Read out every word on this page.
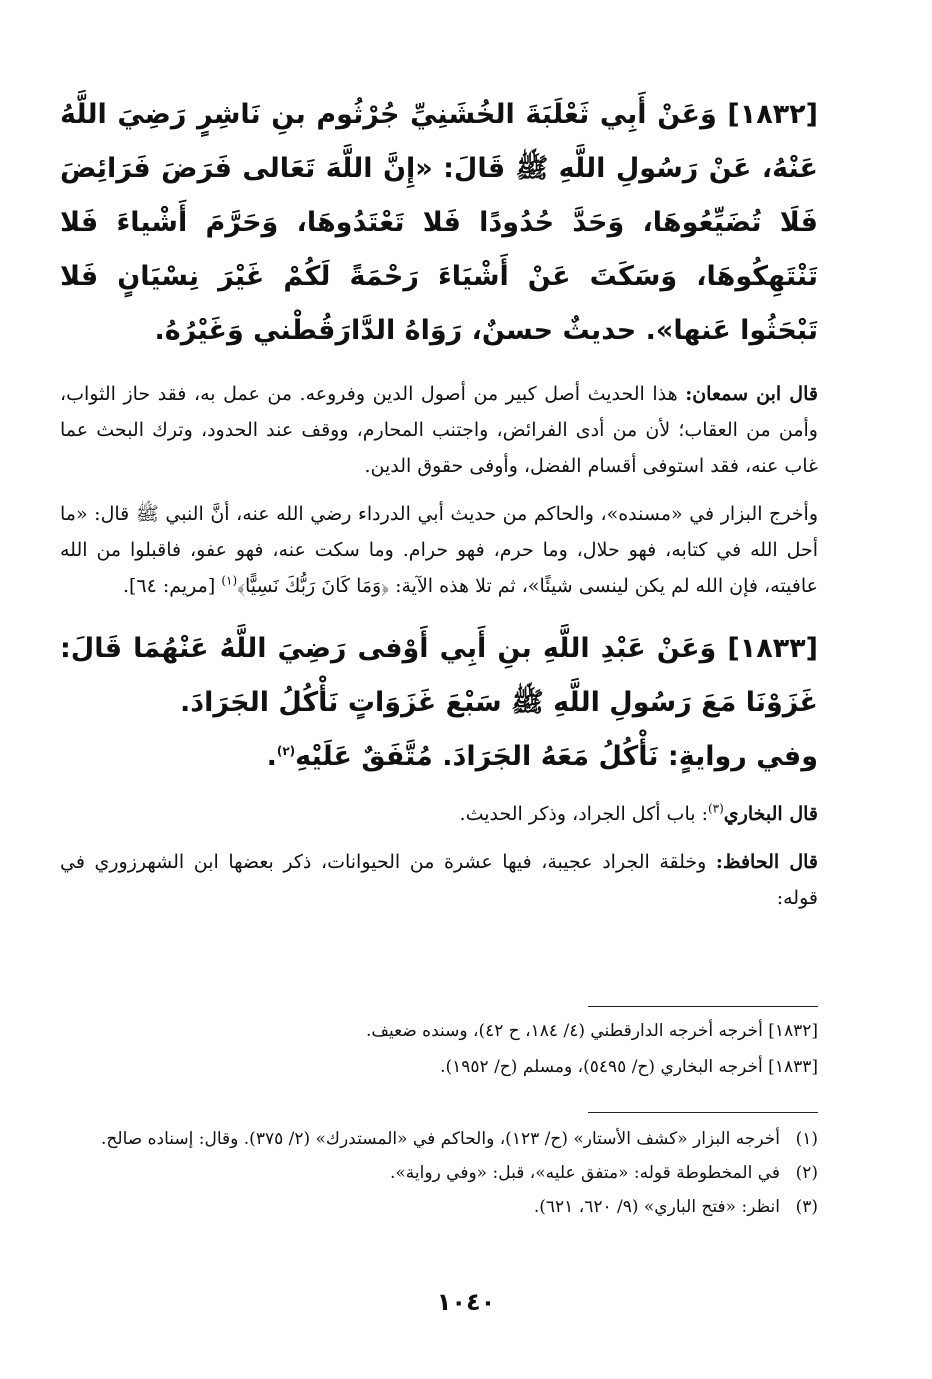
[١٨٣٢] وَعَنْ أَبِي ثَعْلَبَةَ الخُشَنِيِّ جُرْثُوم بنِ نَاشِرٍ رَضِيَ اللَّهُ عَنْهُ، عَنْ رَسُولِ اللَّهِ ﷺ قَالَ: «إِنَّ اللَّهَ تَعَالى فَرَضَ فَرَائِضَ فَلَا تُضَيِّعُوهَا، وَحَدَّ حُدُودًا فَلا تَعْتَدُوهَا، وَحَرَّمَ أَشْياءَ فَلا تَنْتَهِكُوهَا، وَسَكَتَ عَنْ أَشْيَاءَ رَحْمَةً لَكُمْ غَيْرَ نِسْيَانٍ فَلا تَبْحَثُوا عَنها». حديثٌ حسنٌ، رَوَاهُ الدَّارَقُطْني وَغَيْرُهُ.

قال ابن سمعان: هذا الحديث أصل كبير من أصول الدين وفروعه. من عمل به، فقد حاز الثواب، وأمن من العقاب؛ لأن من أدى الفرائض، واجتنب المحارم، ووقف عند الحدود، وترك البحث عما غاب عنه، فقد استوفى أقسام الفضل، وأوفى حقوق الدين.

وأخرج البزار في «مسنده»، والحاكم من حديث أبي الدرداء رضي الله عنه، أنَّ النبي ﷺ قال: «ما أحل الله في كتابه، فهو حلال، وما حرم، فهو حرام. وما سكت عنه، فهو عفو، فاقبلوا من الله عافيته، فإن الله لم يكن لينسى شيئًا»، ثم تلا هذه الآية: ﴿وَمَا كَانَ رَبُّكَ نَسِيًّا﴾$^{(١)}$ [مريم: ٦٤].

[١٨٣٣] وَعَنْ عَبْدِ اللَّهِ بنِ أَبِي أَوْفى رَضِيَ اللَّهُ عَنْهُمَا قَالَ: غَزَوْنَا مَعَ رَسُولِ اللَّهِ ﷺ سَبْعَ غَزَوَاتٍ نَأْكُلُ الجَرَادَ.

وفي روايةٍ: نَأْكُلُ مَعَهُ الجَرَادَ. مُتَّفَقٌ عَلَيْهِ$^{(٢)}$.

قال البخاري$^{(٣)}$: باب أكل الجراد، وذكر الحديث.

قال الحافظ: وخلقة الجراد عجيبة، فيها عشرة من الحيوانات، ذكر بعضها ابن الشهرزوري في قوله:

[١٨٣٢] أخرجه أخرجه الدارقطني (٤/ ١٨٤، ح ٤٢)، وسنده ضعيف.

[١٨٣٣] أخرجه البخاري (ح/ ٥٤٩٥)، ومسلم (ح/ ١٩٥٢).

(١)
أخرجه البزار «كشف الأستار» (ح/ ١٢٣)، والحاكم في «المستدرك» (٢/ ٣٧٥). وقال: إسناده صالح.
(٢)
في المخطوطة قوله: «متفق عليه»، قبل: «وفي رواية».
(٣)
انظر: «فتح الباري» (٩/ ٦٢٠، ٦٢١).
١٠٤٠
